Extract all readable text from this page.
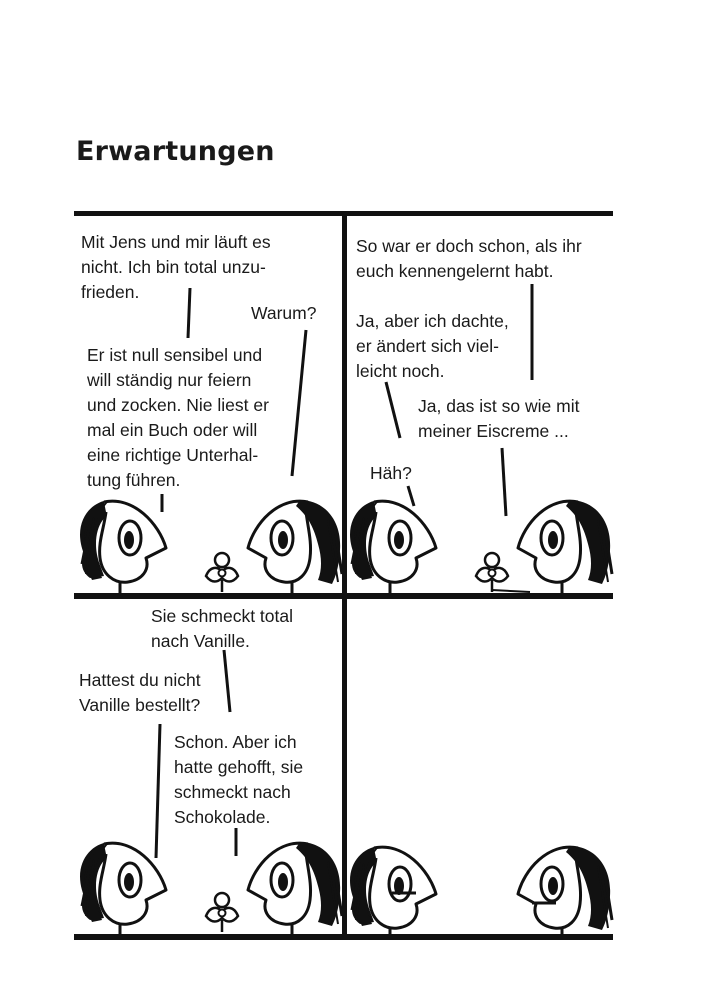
Erwartungen
Mit Jens und mir läuft es
nicht. Ich bin total unzu-
frieden.
Warum?
Er ist null sensibel und
will ständig nur feiern
und zocken. Nie liest er
mal ein Buch oder will
eine richtige Unterhal-
tung führen.
So war er doch schon, als ihr
euch kennengelernt habt.
Ja, aber ich dachte,
er ändert sich viel-
leicht noch.
Ja, das ist so wie mit
meiner Eiscreme ...
Häh?
Sie schmeckt total
nach Vanille.
Hattest du nicht
Vanille bestellt?
Schon. Aber ich
hatte gehofft, sie
schmeckt nach
Schokolade.
